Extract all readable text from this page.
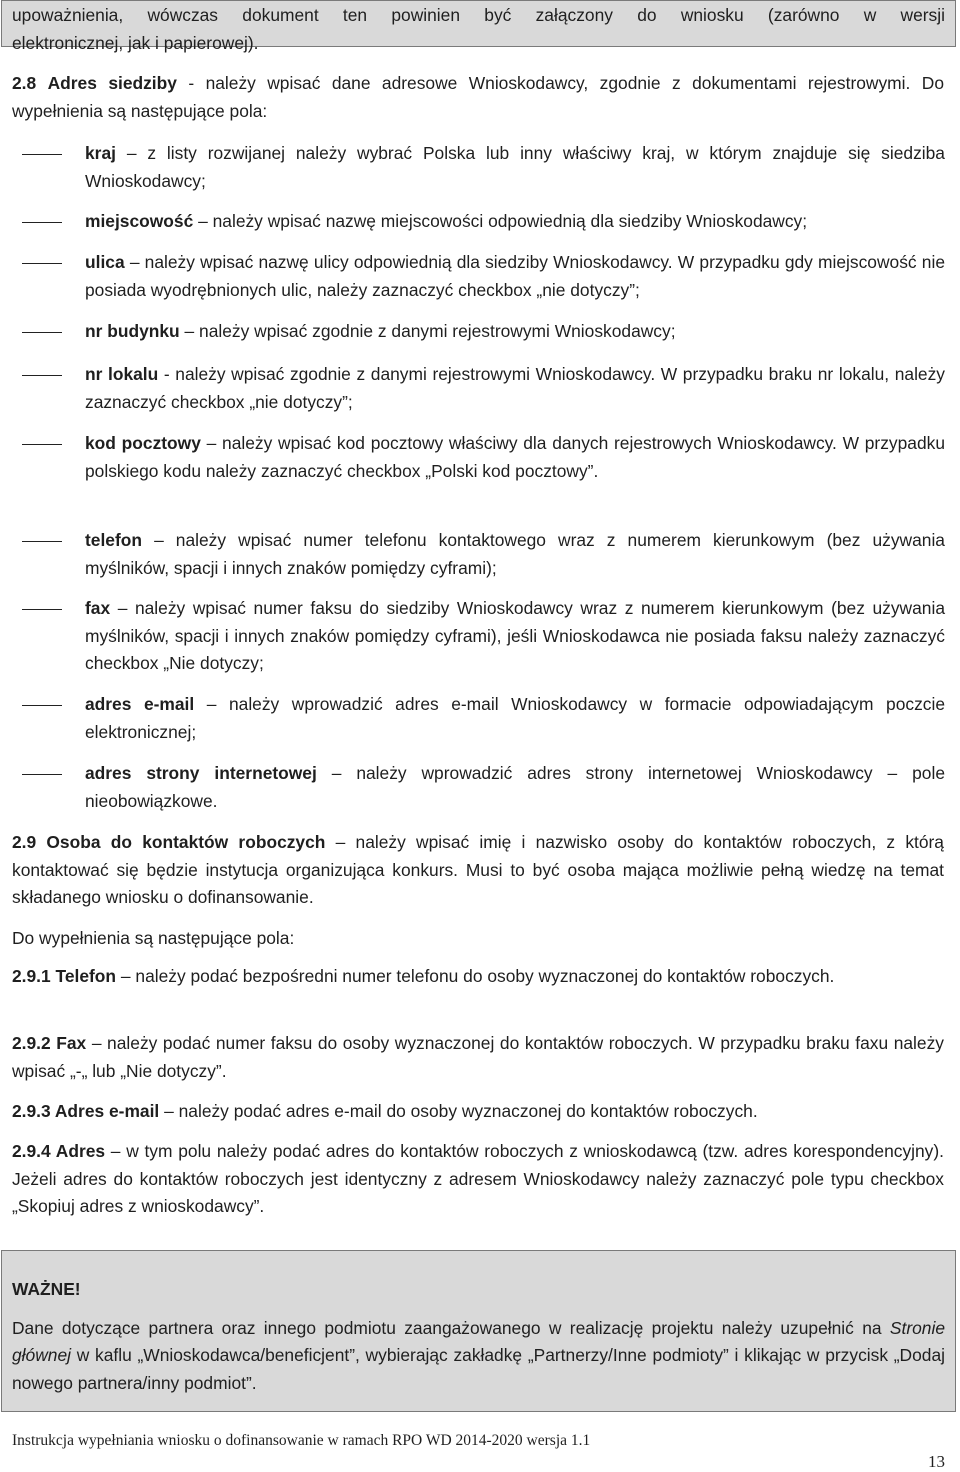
upoważnienia, wówczas dokument ten powinien być załączony do wniosku (zarówno w wersji
elektronicznej, jak i papierowej).

2.8 Adres siedziby - należy wpisać dane adresowe Wnioskodawcy, zgodnie z dokumentami rejestrowymi. Do wypełnienia są następujące pola:

kraj – z listy rozwijanej należy wybrać Polska lub inny właściwy kraj, w którym znajduje się siedziba Wnioskodawcy;

miejscowość – należy wpisać nazwę miejscowości odpowiednią dla siedziby Wnioskodawcy;

ulica – należy wpisać nazwę ulicy odpowiednią dla siedziby Wnioskodawcy. W przypadku gdy miejscowość nie posiada wyodrębnionych ulic, należy zaznaczyć checkbox „nie dotyczy”;

nr budynku – należy wpisać zgodnie z danymi rejestrowymi Wnioskodawcy;

nr lokalu - należy wpisać zgodnie z danymi rejestrowymi Wnioskodawcy. W przypadku braku nr lokalu, należy zaznaczyć checkbox „nie dotyczy”;

kod pocztowy – należy wpisać kod pocztowy właściwy dla danych rejestrowych Wnioskodawcy. W przypadku polskiego kodu należy zaznaczyć checkbox „Polski kod pocztowy”.

telefon – należy wpisać numer telefonu kontaktowego wraz z numerem kierunkowym (bez używania myślników, spacji i innych znaków pomiędzy cyframi);

fax – należy wpisać numer faksu do siedziby Wnioskodawcy wraz z numerem kierunkowym (bez używania myślników, spacji i innych znaków pomiędzy cyframi), jeśli Wnioskodawca nie posiada faksu należy zaznaczyć checkbox „Nie dotyczy;

adres e-mail – należy wprowadzić adres e-mail Wnioskodawcy w formacie odpowiadającym poczcie elektronicznej;

adres strony internetowej – należy wprowadzić adres strony internetowej Wnioskodawcy – pole nieobowiązkowe.

2.9 Osoba do kontaktów roboczych – należy wpisać imię i nazwisko osoby do kontaktów roboczych, z którą kontaktować się będzie instytucja organizująca konkurs. Musi to być osoba mająca możliwie pełną wiedzę na temat składanego wniosku o dofinansowanie.

Do wypełnienia są następujące pola:

2.9.1 Telefon – należy podać bezpośredni numer telefonu do osoby wyznaczonej do kontaktów roboczych.

2.9.2 Fax – należy podać numer faksu do osoby wyznaczonej do kontaktów roboczych. W przypadku braku faxu należy wpisać „-„ lub „Nie dotyczy”.

2.9.3 Adres e-mail – należy podać adres e-mail do osoby wyznaczonej do kontaktów roboczych.

2.9.4 Adres – w tym polu należy podać adres do kontaktów roboczych z wnioskodawcą (tzw. adres korespondencyjny). Jeżeli adres do kontaktów roboczych jest identyczny z adresem Wnioskodawcy należy zaznaczyć pole typu checkbox „Skopiuj adres z wnioskodawcy”.

WAŻNE!

Dane dotyczące partnera oraz innego podmiotu zaangażowanego w realizację projektu należy uzupełnić na Stronie głównej w kaflu „Wnioskodawca/beneficjent”, wybierając zakładkę „Partnerzy/Inne podmioty” i klikając w przycisk „Dodaj nowego partnera/inny podmiot”.

Instrukcja wypełniania wniosku o dofinansowanie w ramach RPO WD 2014-2020 wersja 1.1
13
